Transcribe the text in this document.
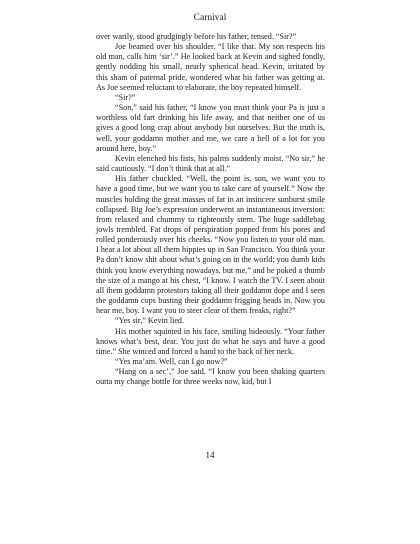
Carnival

over warily, stood grudgingly before his father, tensed. “Sir?”

Joe beamed over his shoulder. “I like that. My son respects his old man, calls him ‘sir’.” He looked back at Kevin and sighed fondly, gently nodding his small, nearly spherical head. Kevin, irritated by this sham of paternal pride, wondered what his father was getting at. As Joe seemed reluctant to elaborate, the boy repeated himself.

“Sir?”

“Son,” said his father, “I know you must think your Pa is just a worthless old fart drinking his life away, and that neither one of us gives a good long crap about anybody but ourselves. But the truth is, well, your goddamn mother and me, we care a hell of a lot for you around here, boy.”

Kevin elenched his fists, his palms suddenly moist. “No sir,” he said cautiously. “I don’t think that at all.”

His father chuckled. “Well, the point is, son, we want you to have a good time, but we want you to take care of yourself.” Now the muscles holding the great masses of fat in an insincere sunburst smile collapsed. Big Joe’s expression underwent an instantaneous inversion: from relaxed and chummy to righteously stern. The huge saddlebag jowls trembled. Fat drops of perspiration popped from his pores and rolled ponderously over his cheeks. “Now you listen to your old man. I hear a lot about all them hippies up in San Francisco. You think your Pa don’t know shit about what’s going on in the world; you dumb kids think you know everything nowadays, but me,” and he poked a thumb the size of a mango at his chest, “I know. I watch the TV. I seen about all them goddamn protestors taking all their goddamn dope and I seen the goddamn cops busting their goddamn frigging heads in. Now you hear me, boy. I want you to steer clear of them freaks, right?”

“Yes sir,” Kevin lied.

His mother squinted in his face, smiling hideously. “Your father knows what’s best, dear. You just do what he says and have a good time.” She winced and forced a hand to the back of her neck.

“Yes ma’am. Well, can I go now?”

“Hang on a sec’,” Joe said. “I know you been shaking quarters outta my change bottle for three weeks now, kid, but I

14
